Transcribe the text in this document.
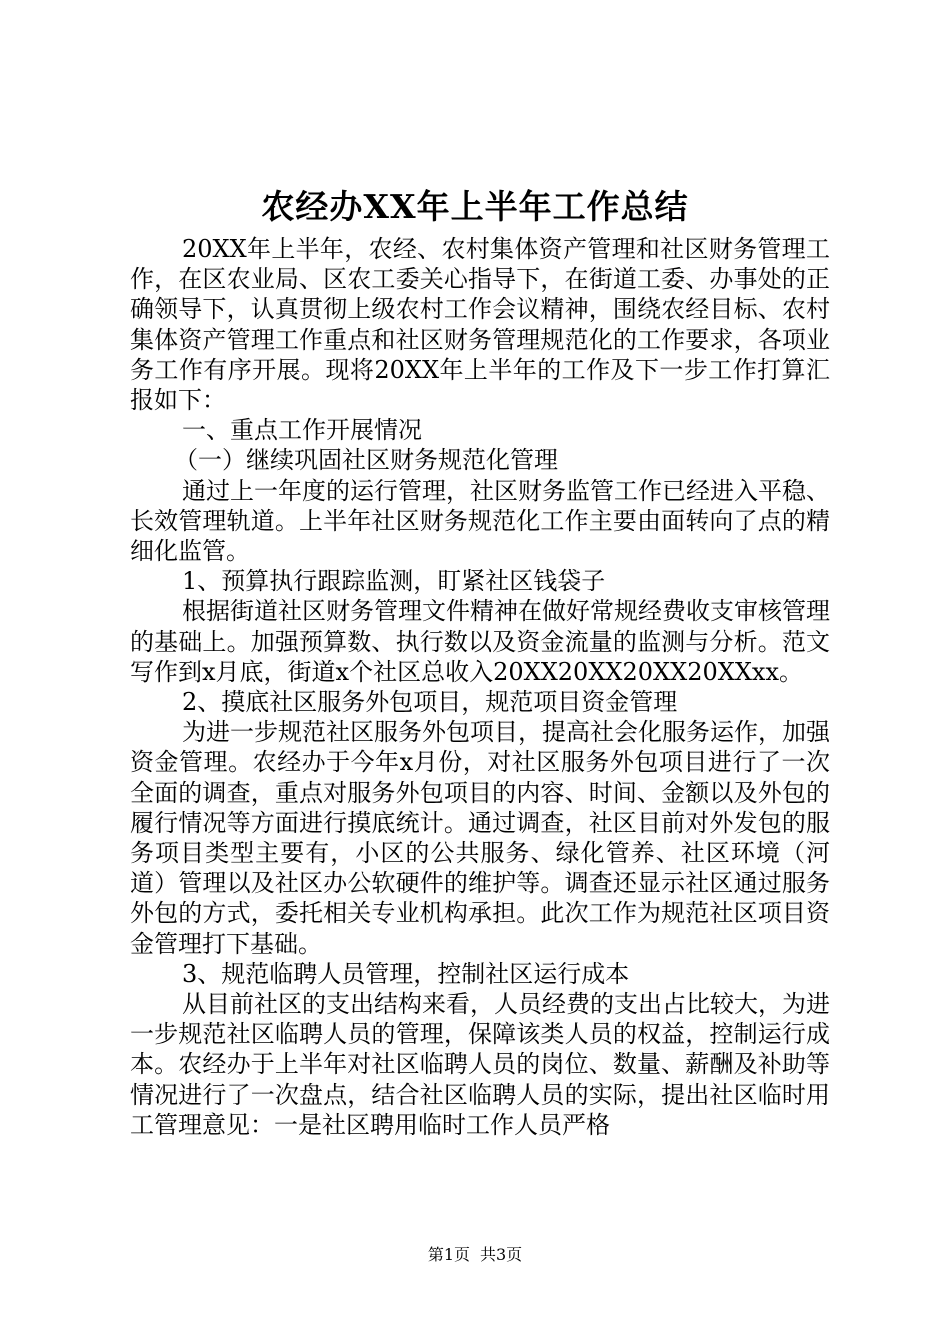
农经办XX年上半年工作总结

20XX年上半年，农经、农村集体资产管理和社区财务管理工作，在区农业局、区农工委关心指导下，在街道工委、办事处的正确领导下，认真贯彻上级农村工作会议精神，围绕农经目标、农村集体资产管理工作重点和社区财务管理规范化的工作要求，各项业务工作有序开展。现将20XX年上半年的工作及下一步工作打算汇报如下：

一、重点工作开展情况

（一）继续巩固社区财务规范化管理

通过上一年度的运行管理，社区财务监管工作已经进入平稳、长效管理轨道。上半年社区财务规范化工作主要由面转向了点的精细化监管。

1、预算执行跟踪监测，盯紧社区钱袋子

根据街道社区财务管理文件精神在做好常规经费收支审核管理的基础上。加强预算数、执行数以及资金流量的监测与分析。范文写作到x月底，街道x个社区总收入20XX20XX20XX20XXxx。

2、摸底社区服务外包项目，规范项目资金管理

为进一步规范社区服务外包项目，提高社会化服务运作，加强资金管理。农经办于今年x月份，对社区服务外包项目进行了一次全面的调查，重点对服务外包项目的内容、时间、金额以及外包的履行情况等方面进行摸底统计。通过调查，社区目前对外发包的服务项目类型主要有，小区的公共服务、绿化管养、社区环境（河道）管理以及社区办公软硬件的维护等。调查还显示社区通过服务外包的方式，委托相关专业机构承担。此次工作为规范社区项目资金管理打下基础。

3、规范临聘人员管理，控制社区运行成本

从目前社区的支出结构来看，人员经费的支出占比较大，为进一步规范社区临聘人员的管理，保障该类人员的权益，控制运行成本。农经办于上半年对社区临聘人员的岗位、数量、薪酬及补助等情况进行了一次盘点，结合社区临聘人员的实际，提出社区临时用工管理意见：一是社区聘用临时工作人员严格

第1页 共3页
